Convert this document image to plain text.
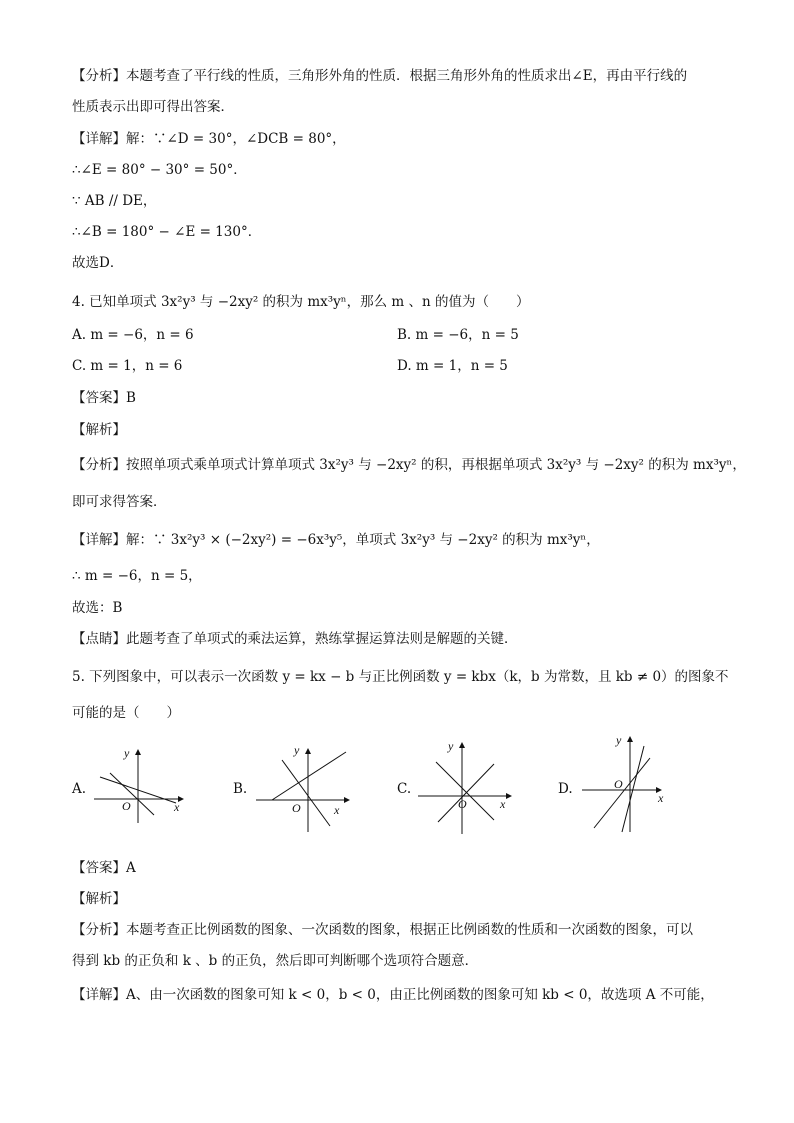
【分析】本题考查了平行线的性质，三角形外角的性质．根据三角形外角的性质求出∠E，再由平行线的
性质表示出即可得出答案．
【详解】解：∵∠D = 30°，∠DCB = 80°，
∴∠E = 80° − 30° = 50°．
∵ AB // DE，
∴∠B = 180° − ∠E = 130°．
故选D．
4. 已知单项式 3x²y³ 与 −2xy² 的积为 mx³yⁿ，那么 m 、n 的值为（　　）
A. m = −6，n = 6	B. m = −6，n = 5
C. m = 1，n = 6	D. m = 1，n = 5
【答案】B
【解析】
【分析】按照单项式乘单项式计算单项式 3x²y³ 与 −2xy² 的积，再根据单项式 3x²y³ 与 −2xy² 的积为 mx³yⁿ，
即可求得答案．
【详解】解：∵ 3x²y³ × (−2xy²) = −6x³y⁵，单项式 3x²y³ 与 −2xy² 的积为 mx³yⁿ，
∴ m = −6，n = 5，
故选：B
【点睛】此题考查了单项式的乘法运算，熟练掌握运算法则是解题的关键．
5. 下列图象中，可以表示一次函数 y = kx − b 与正比例函数 y = kbx（k，b 为常数，且 kb ≠ 0）的图象不
可能的是（　　）
A.
y
x
O
B.
y
x
O
C.
y
x
O
D.
y
x
O
【答案】A
【解析】
【分析】本题考查正比例函数的图象、一次函数的图象，根据正比例函数的性质和一次函数的图象，可以
得到 kb 的正负和 k 、b 的正负，然后即可判断哪个选项符合题意．
【详解】A、由一次函数的图象可知 k < 0，b < 0，由正比例函数的图象可知 kb < 0，故选项 A 不可能，
